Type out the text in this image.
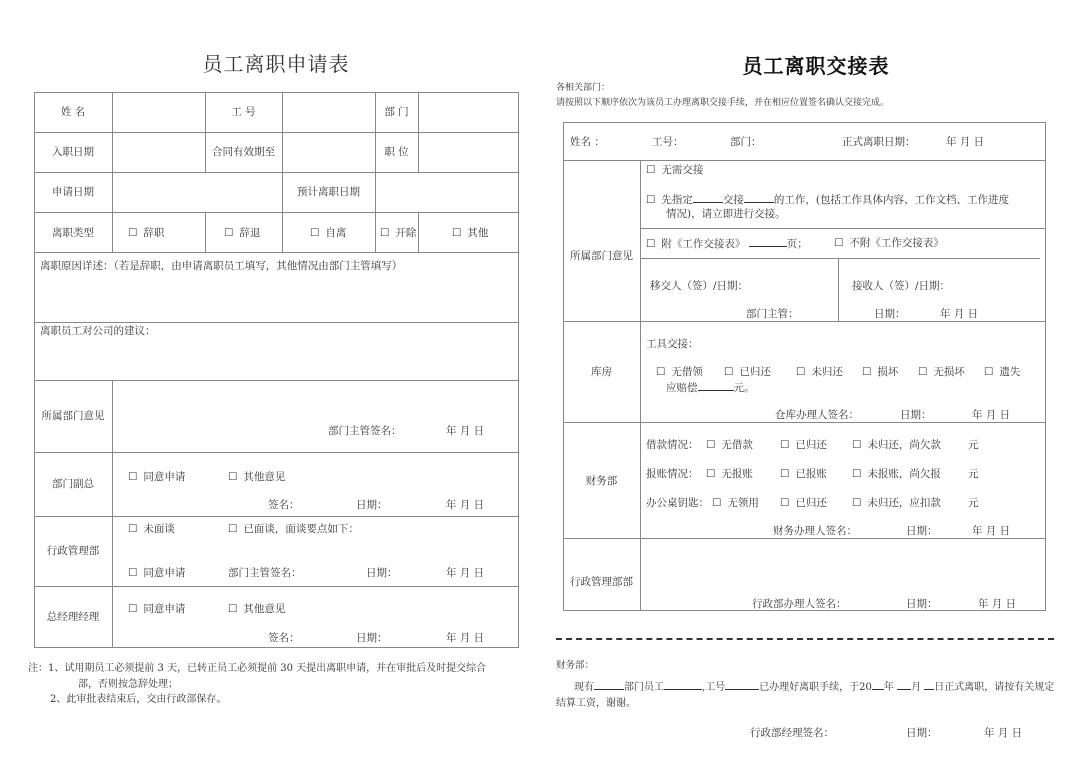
员工离职申请表
姓 名	工 号	部 门
入职日期	合同有效期至	职 位
申请日期	预计离职日期
离职类型	☐ 辞职	☐ 辞退	☐ 自离	☐ 开除	☐ 其他
离职原因详述：（若是辞职，由申请离职员工填写，其他情况由部门主管填写）
离职员工对公司的建议：
所属部门意见
部门主管签名：	年 月 日
部门副总
☐ 同意申请	☐ 其他意见
签名：	日期：	年 月 日
行政管理部
☐ 未面谈	☐ 已面谈，面谈要点如下：
☐ 同意申请	部门主管签名：	日期：	年 月 日
总经理经理
☐ 同意申请	☐ 其他意见
签名：	日期：	年 月 日
注：1、试用期员工必须提前 3 天，已转正员工必须提前 30 天提出离职申请，并在审批后及时提交综合
部，否则按急辞处理；
2、此审批表结束后，交由行政部保存。
员工离职交接表
各相关部门：
请按照以下顺序依次为该员工办理离职交接手续，并在相应位置签名确认交接完成。
姓名 ：	工号：	部门：	正式离职日期：	年 月 日
所属部门意见
☐ 无需交接
☐ 先指定	交接	的工作，(包括工作具体内容、工作文档、工作进度
情况)，请立即进行交接。
☐ 附《工作交接表》	页；	☐ 不附《工作交接表》
移交人（签）/日期：	接收人（签）/日期：
部门主管：	日期：	年 月 日
库房
工具交接：
☐ 无借领	☐ 已归还	☐ 未归还	☐ 损坏	☐ 无损坏	☐ 遗失
应赔偿	元。
仓库办理人签名：	日期：	年 月 日
财务部
借款情况：	☐ 无借款	☐ 已归还	☐ 未归还，尚欠款	元
报账情况：	☐ 无报账	☐ 已报账	☐ 未报账，尚欠报	元
办公桌钥匙：	☐ 无领用	☐ 已归还	☐ 未归还，应扣款	元
财务办理人签名：	日期：	年 月 日
行政管理部部
行政部办理人签名：	日期：	年 月 日
财务部：
现有	部门员工	,工号	已办理好离职手续，于20 年 月 日正式离职，请按有关规定
结算工资，谢谢。
行政部经理签名：	日期：	年 月 日
